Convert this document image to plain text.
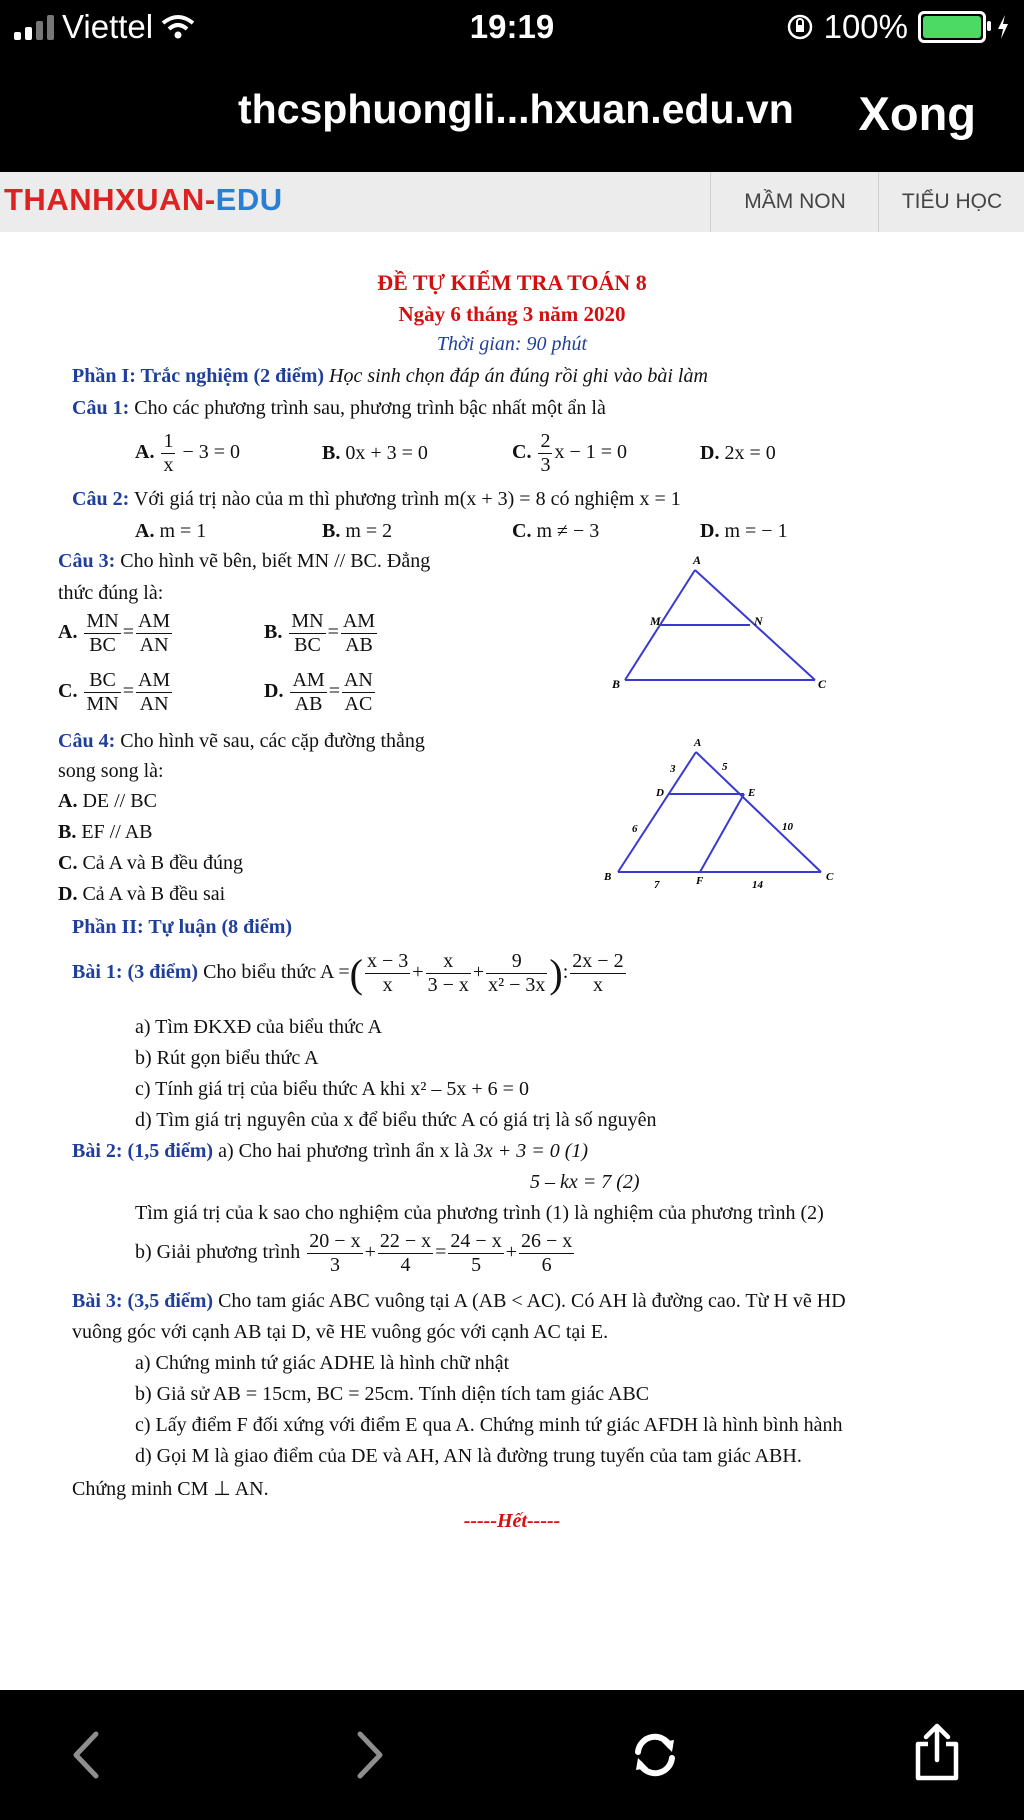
Viettel	19:19	100%
thcsphuongli...hxuan.edu.vn Xong
THANHXUAN-EDU	MẦM NON	TIỂU HỌC
ĐỀ TỰ KIỂM TRA TOÁN 8
Ngày 6 tháng 3 năm 2020
Thời gian: 90 phút
Phần I: Trắc nghiệm (2 điểm) Học sinh chọn đáp án đúng rồi ghi vào bài làm
Câu 1: Cho các phương trình sau, phương trình bậc nhất một ẩn là
A. $\frac{1}{x} - 3 = 0$	B. 0x + 3 = 0	C. $\frac{2}{3}$ x − 1 = 0	D. 2x = 0
Câu 2: Với giá trị nào của m thì phương trình m(x + 3) = 8 có nghiệm x = 1
A. m = 1	B. m = 2	C. m ≠ − 3	D. m = − 1
Câu 3: Cho hình vẽ bên, biết MN // BC. Đẳng
thức đúng là:
A. $\frac{MN}{BC} = \frac{AM}{AN}$	B. $\frac{MN}{BC} = \frac{AM}{AB}$
C. $\frac{BC}{MN} = \frac{AM}{AN}$	D. $\frac{AM}{AB} = \frac{AN}{AC}$
A
M	N
B	C
Câu 4: Cho hình vẽ sau, các cặp đường thẳng
song song là:
A. DE // BC
B. EF // AB
C. Cả A và B đều đúng
D. Cả A và B đều sai
A
D	E
B	F	C
3	5
6	10
7	14
Phần II: Tự luận (8 điểm)
Bài 1: (3 điểm) Cho biểu thức A =( $\frac{x - 3}{x} + \frac{x}{3 - x} + \frac{9}{\text{x² − 3x}}$ ): $\frac{2x - 2}{x}$
a) Tìm ĐKXĐ của biểu thức A
b) Rút gọn biểu thức A
c) Tính giá trị của biểu thức A khi x² – 5x + 6 = 0
d) Tìm giá trị nguyên của x để biểu thức A có giá trị là số nguyên
Bài 2: (1,5 điểm) a) Cho hai phương trình ẩn x là 3x + 3 = 0 (1)
5 – kx = 7 (2)
Tìm giá trị của k sao cho nghiệm của phương trình (1) là nghiệm của phương trình (2)
b) Giải phương trình $\frac{20 - x}{3} + \frac{22 - x}{4} = \frac{24 - x}{5} + \frac{26 - x}{6}$
Bài 3: (3,5 điểm) Cho tam giác ABC vuông tại A (AB < AC). Có AH là đường cao. Từ H vẽ HD
vuông góc với cạnh AB tại D, vẽ HE vuông góc với cạnh AC tại E.
a) Chứng minh tứ giác ADHE là hình chữ nhật
b) Giả sử AB = 15cm, BC = 25cm. Tính diện tích tam giác ABC
c) Lấy điểm F đối xứng với điểm E qua A. Chứng minh tứ giác AFDH là hình bình hành
d) Gọi M là giao điểm của DE và AH, AN là đường trung tuyến của tam giác ABH.
Chứng minh CM ⊥ AN.
-----Hết-----
